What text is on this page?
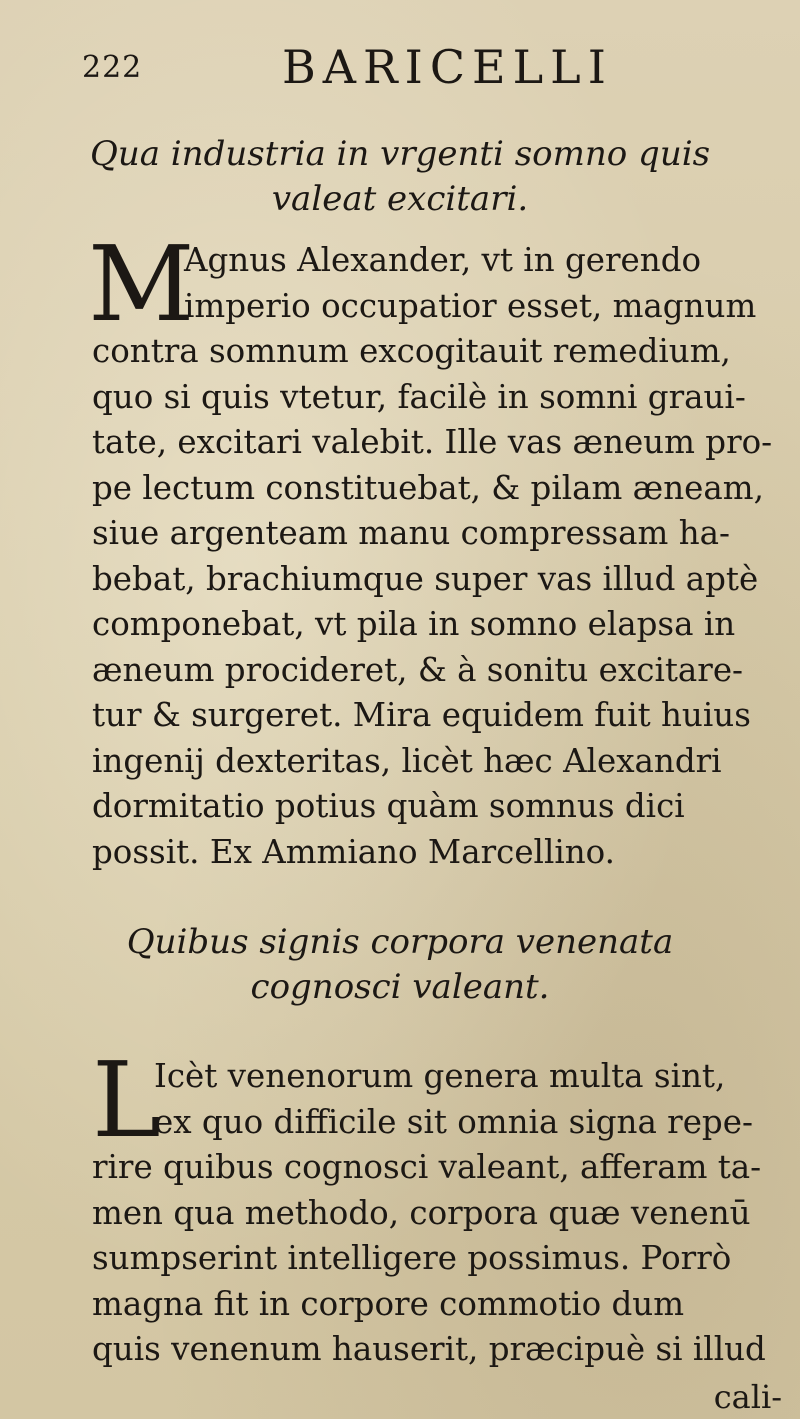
222	BARICELLI
Qua industria in vrgenti somno quis
valeat excitari.
M
Agnus Alexander, vt in gerendo
imperio occupatior esset, magnum
contra somnum excogitauit remedium,
quo si quis vtetur, facilè in somni graui-
tate, excitari valebit. Ille vas æneum pro-
pe lectum constituebat, & pilam æneam,
siue argenteam manu compressam ha-
bebat, brachiumque super vas illud aptè
componebat, vt pila in somno elapsa in
æneum procideret, & à sonitu excitare-
tur & surgeret. Mira equidem fuit huius
ingenij dexteritas, licèt hæc Alexandri
dormitatio potius quàm somnus dici
possit. Ex Ammiano Marcellino.
Quibus signis corpora venenata
cognosci valeant.
L
Icèt venenorum genera multa sint,
ex quo difficile sit omnia signa repe-
rire quibus cognosci valeant, afferam ta-
men qua methodo, corpora quæ venenū
sumpserint intelligere possimus. Porrò
magna fit in corpore commotio dum
quis venenum hauserit, præcipuè si illud
cali-
